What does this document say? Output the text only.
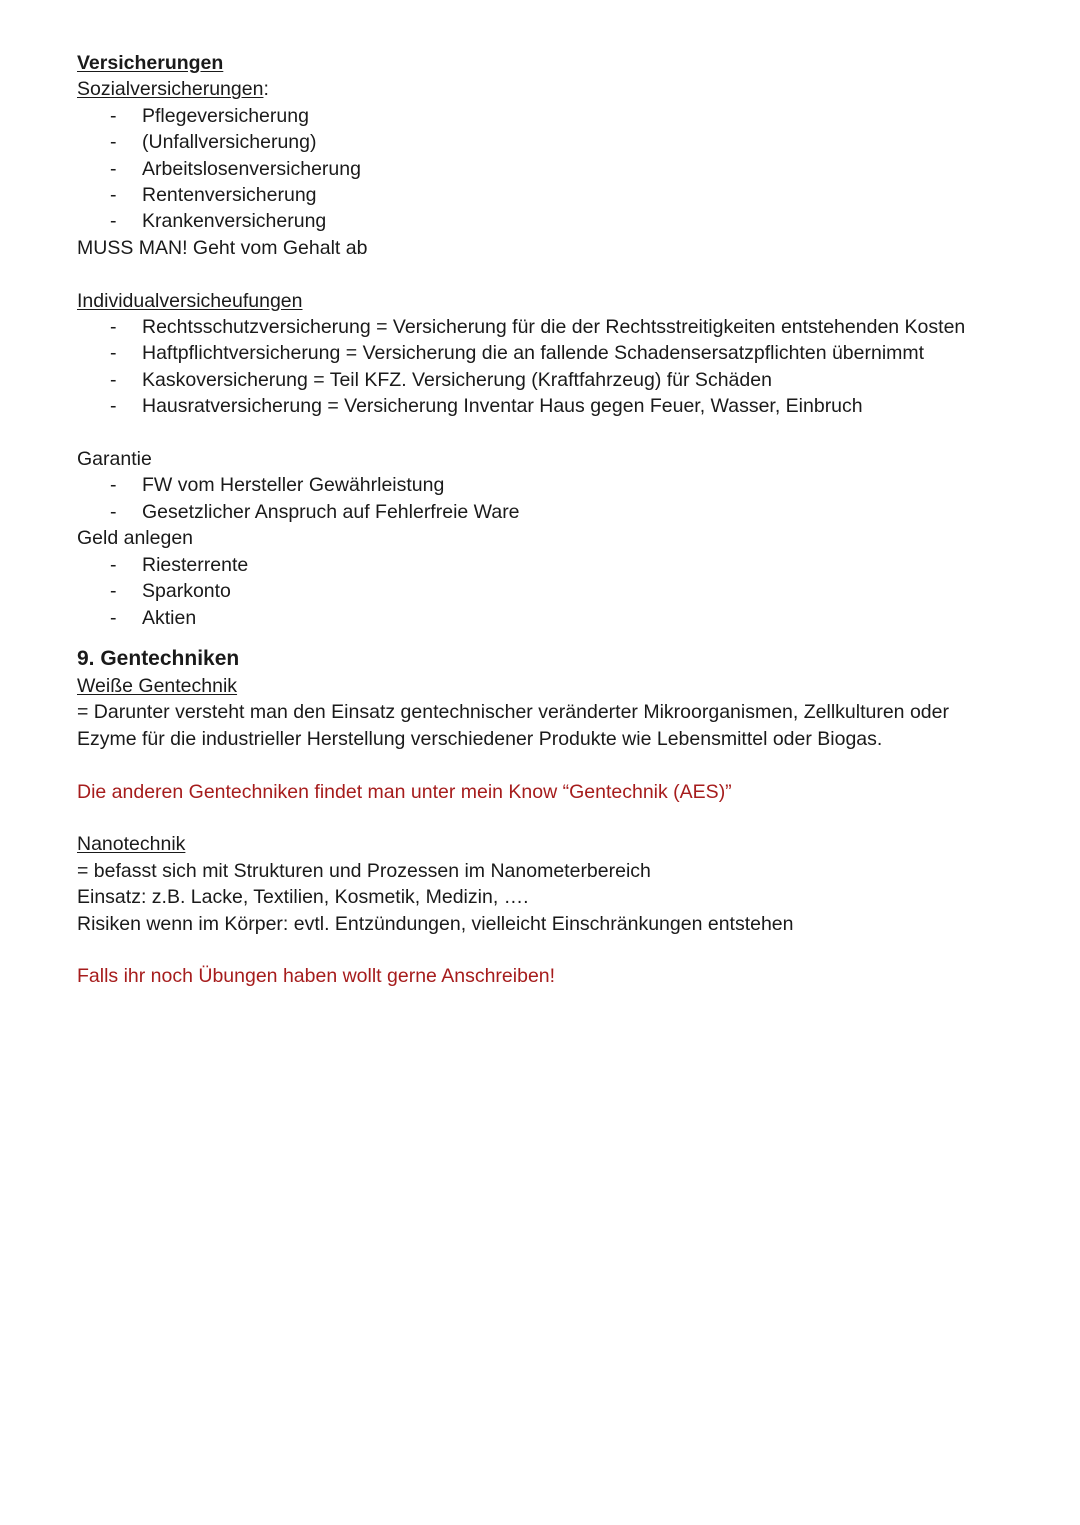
Versicherungen
Sozialversicherungen:
- Pflegeversicherung
- (Unfallversicherung)
- Arbeitslosenversicherung
- Rentenversicherung
- Krankenversicherung
MUSS MAN! Geht vom Gehalt ab
Individualversicheufungen
- Rechtsschutzversicherung = Versicherung für die der Rechtsstreitigkeiten entstehenden Kosten
- Haftpflichtversicherung = Versicherung die an fallende Schadensersatzpflichten übernimmt
- Kaskoversicherung = Teil KFZ. Versicherung (Kraftfahrzeug) für Schäden
- Hausratversicherung = Versicherung Inventar Haus gegen Feuer, Wasser, Einbruch
Garantie
- FW vom Hersteller Gewährleistung
- Gesetzlicher Anspruch auf Fehlerfreie Ware
Geld anlegen
- Riesterrente
- Sparkonto
- Aktien
9. Gentechniken
Weiße Gentechnik
= Darunter versteht man den Einsatz gentechnischer veränderter Mikroorganismen, Zellkulturen oder Ezyme für die industrieller Herstellung verschiedener Produkte wie Lebensmittel oder Biogas.
Die anderen Gentechniken findet man unter mein Know “Gentechnik (AES)”
Nanotechnik
= befasst sich mit Strukturen und Prozessen im Nanometerbereich
Einsatz: z.B. Lacke, Textilien, Kosmetik, Medizin, ….
Risiken wenn im Körper: evtl. Entzündungen, vielleicht Einschränkungen entstehen
Falls ihr noch Übungen haben wollt gerne Anschreiben!
